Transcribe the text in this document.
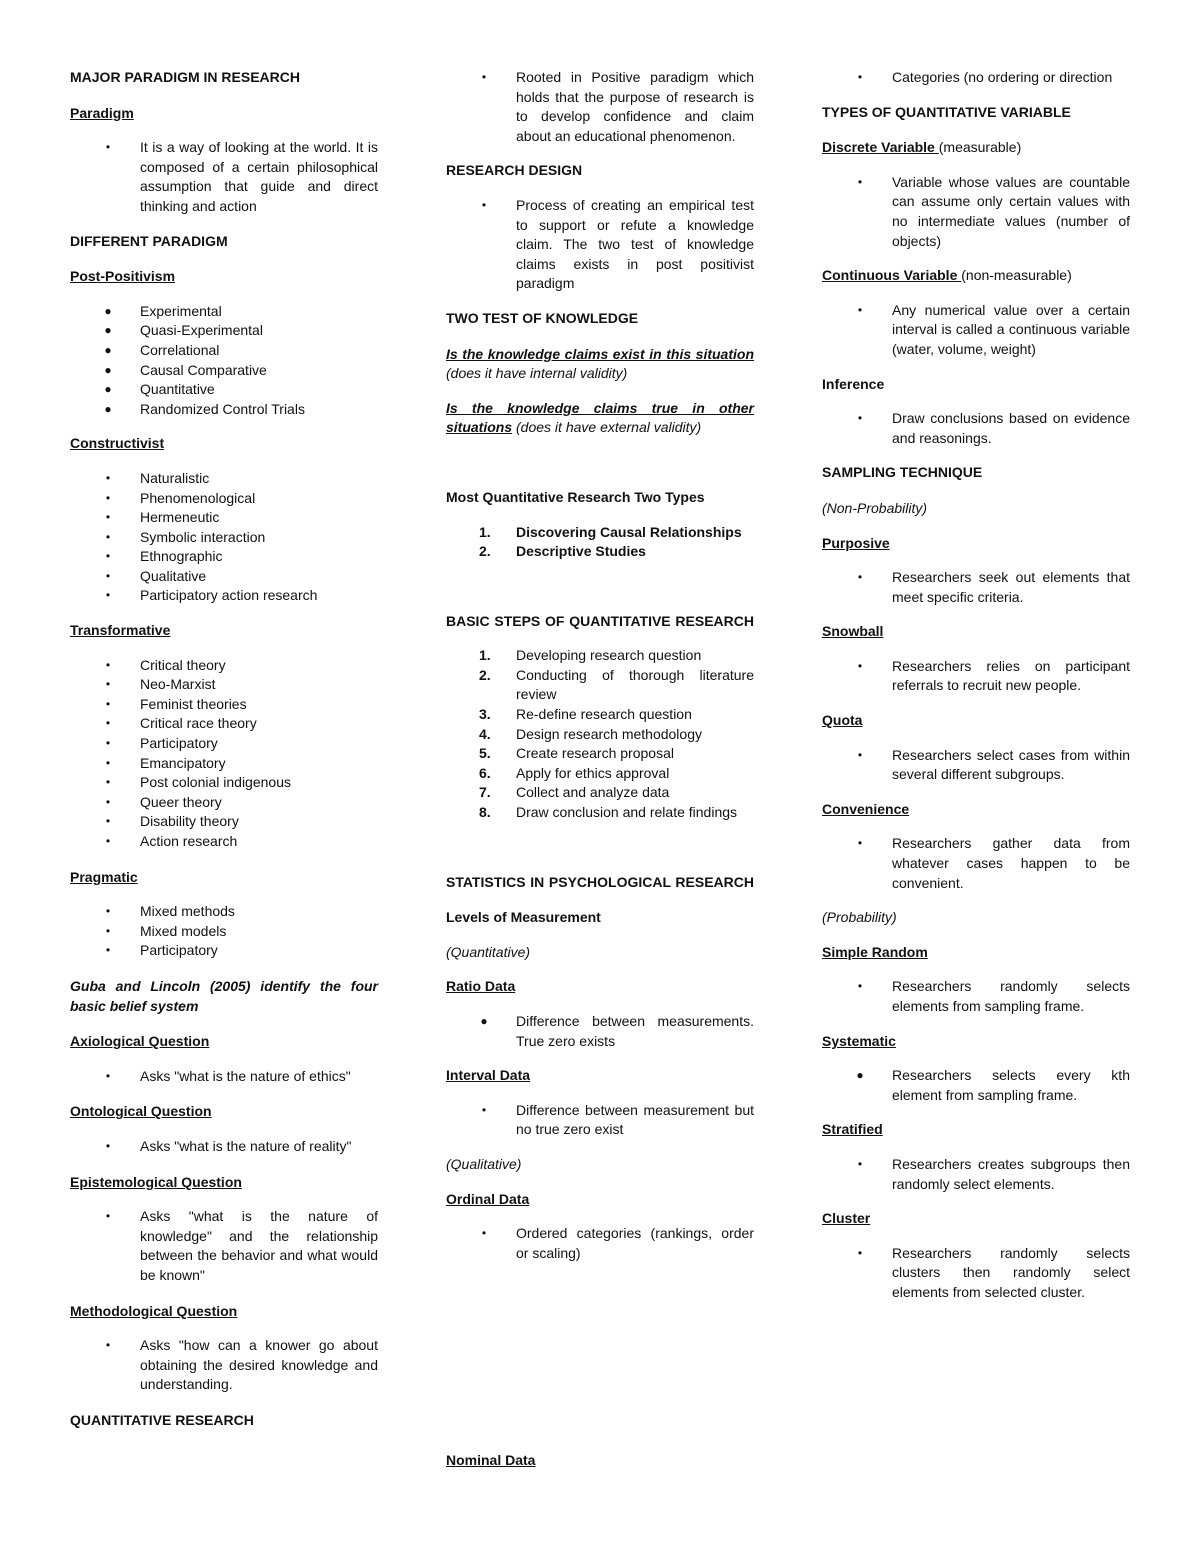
MAJOR PARADIGM IN RESEARCH

Paradigm

• It is a way of looking at the world. It is composed of a certain philosophical assumption that guide and direct thinking and action

DIFFERENT PARADIGM

Post-Positivism

● Experimental
● Quasi-Experimental
● Correlational
● Causal Comparative
● Quantitative
● Randomized Control Trials

Constructivist

• Naturalistic
• Phenomenological
• Hermeneutic
• Symbolic interaction
• Ethnographic
• Qualitative
• Participatory action research

Transformative

• Critical theory
• Neo-Marxist
• Feminist theories
• Critical race theory
• Participatory
• Emancipatory
• Post colonial indigenous
• Queer theory
• Disability theory
• Action research

Pragmatic

• Mixed methods
• Mixed models
• Participatory

Guba and Lincoln (2005) identify the four basic belief system

Axiological Question

• Asks "what is the nature of ethics"

Ontological Question

• Asks "what is the nature of reality"

Epistemological Question

• Asks "what is the nature of knowledge" and the relationship between the behavior and what would be known"

Methodological Question

• Asks "how can a knower go about obtaining the desired knowledge and understanding.

QUANTITATIVE RESEARCH

• Rooted in Positive paradigm which holds that the purpose of research is to develop confidence and claim about an educational phenomenon.

RESEARCH DESIGN

• Process of creating an empirical test to support or refute a knowledge claim. The two test of knowledge claims exists in post positivist paradigm

TWO TEST OF KNOWLEDGE

Is the knowledge claims exist in this situation (does it have internal validity)

Is the knowledge claims true in other situations (does it have external validity)

Most Quantitative Research Two Types

1. Discovering Causal Relationships
2. Descriptive Studies

BASIC STEPS OF QUANTITATIVE RESEARCH

1. Developing research question
2. Conducting of thorough literature review
3. Re-define research question
4. Design research methodology
5. Create research proposal
6. Apply for ethics approval
7. Collect and analyze data
8. Draw conclusion and relate findings

STATISTICS IN PSYCHOLOGICAL RESEARCH

Levels of Measurement

(Quantitative)

Ratio Data

● Difference between measurements. True zero exists

Interval Data

• Difference between measurement but no true zero exist

(Qualitative)

Ordinal Data

• Ordered categories (rankings, order or scaling)

Nominal Data

• Categories (no ordering or direction

TYPES OF QUANTITATIVE VARIABLE

Discrete Variable (measurable)

• Variable whose values are countable can assume only certain values with no intermediate values (number of objects)

Continuous Variable (non-measurable)

• Any numerical value over a certain interval is called a continuous variable (water, volume, weight)

Inference

• Draw conclusions based on evidence and reasonings.

SAMPLING TECHNIQUE

(Non-Probability)

Purposive

• Researchers seek out elements that meet specific criteria.

Snowball

• Researchers relies on participant referrals to recruit new people.

Quota

• Researchers select cases from within several different subgroups.

Convenience

• Researchers gather data from whatever cases happen to be convenient.

(Probability)

Simple Random

• Researchers randomly selects elements from sampling frame.

Systematic

● Researchers selects every kth element from sampling frame.

Stratified

• Researchers creates subgroups then randomly select elements.

Cluster

• Researchers randomly selects clusters then randomly select elements from selected cluster.
